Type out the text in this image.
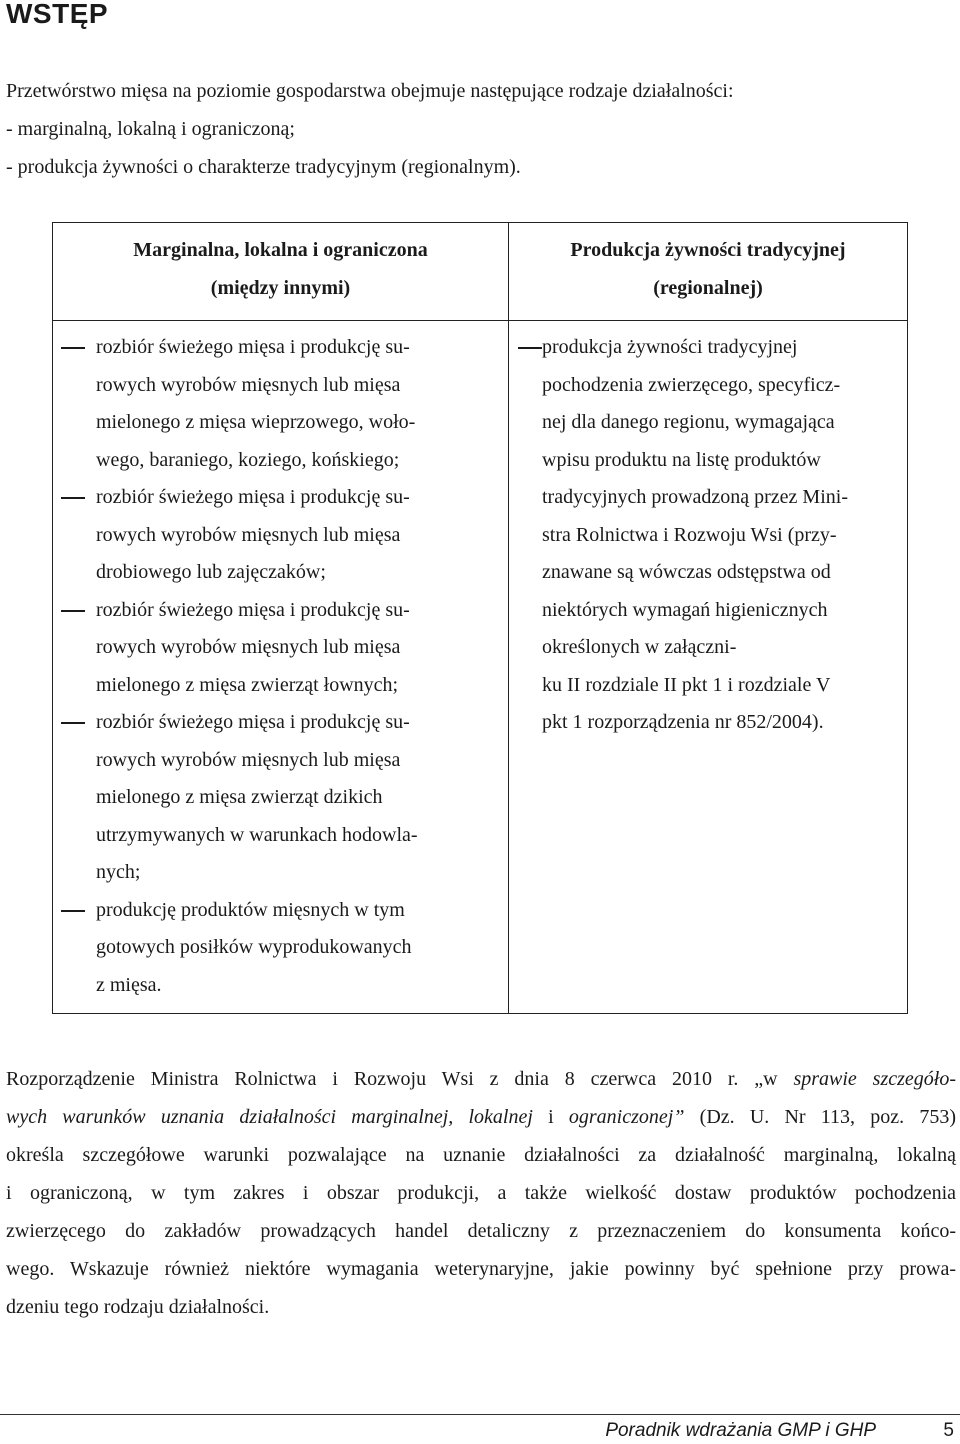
WSTĘP
Przetwórstwo mięsa na poziomie gospodarstwa obejmuje następujące rodzaje działalności:
- marginalną, lokalną i ograniczoną;
- produkcja żywności o charakterze tradycyjnym (regionalnym).
Marginalna, lokalna i ograniczona
(między innymi)
Produkcja żywności tradycyjnej
(regionalnej)
rozbiór świeżego mięsa i produkcję su-
rowych wyrobów mięsnych lub mięsa
mielonego z mięsa wieprzowego, woło-
wego, baraniego, koziego, końskiego;
rozbiór świeżego mięsa i produkcję su-
rowych wyrobów mięsnych lub mięsa
drobiowego lub zajęczaków;
rozbiór świeżego mięsa i produkcję su-
rowych wyrobów mięsnych lub mięsa
mielonego z mięsa zwierząt łownych;
rozbiór świeżego mięsa i produkcję su-
rowych wyrobów mięsnych lub mięsa
mielonego z mięsa zwierząt dzikich
utrzymywanych w warunkach hodowla-
nych;
produkcję produktów mięsnych w tym
gotowych posiłków wyprodukowanych
z mięsa.
produkcja żywności tradycyjnej
pochodzenia zwierzęcego, specyficz-
nej dla danego regionu, wymagająca
wpisu produktu na listę produktów
tradycyjnych prowadzoną przez Mini-
stra Rolnictwa i Rozwoju Wsi (przy-
znawane są wówczas odstępstwa od
niektórych wymagań higienicznych
określonych w załączni-
ku II rozdziale II pkt 1 i rozdziale V
pkt 1 rozporządzenia nr 852/2004).
Rozporządzenie Ministra Rolnictwa i Rozwoju Wsi z dnia 8 czerwca 2010 r. „w sprawie szczegóło-
wych warunków uznania działalności marginalnej, lokalnej i ograniczonej” (Dz. U. Nr 113, poz. 753)
określa szczegółowe warunki pozwalające na uznanie działalności za działalność marginalną, lokalną
i ograniczoną, w tym zakres i obszar produkcji, a także wielkość dostaw produktów pochodzenia
zwierzęcego do zakładów prowadzących handel detaliczny z przeznaczeniem do konsumenta końco-
wego. Wskazuje również niektóre wymagania weterynaryjne, jakie powinny być spełnione przy prowa-
dzeniu tego rodzaju działalności.
Poradnik wdrażania GMP i GHP	5
